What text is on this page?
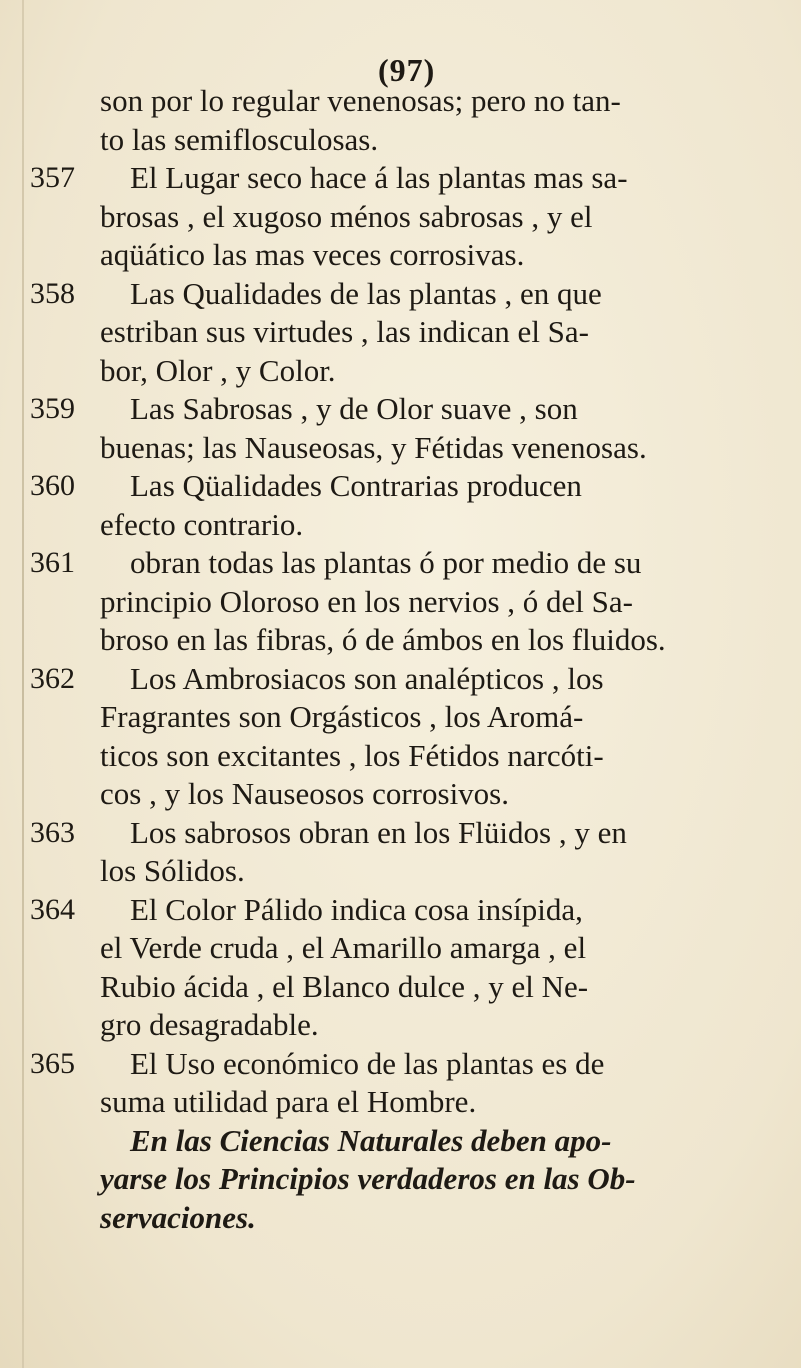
(97)
son por lo regular venenosas; pero no tan-
to las semiflosculosas.
357 El Lugar seco hace á las plantas mas sa-
brosas , el xugoso ménos sabrosas , y el
aqüático las mas veces corrosivas.
358 Las Qualidades de las plantas , en que
estriban sus virtudes , las indican el Sa-
bor, Olor , y Color.
359 Las Sabrosas , y de Olor suave , son
buenas; las Nauseosas, y Fétidas venenosas.
360 Las Qüalidades Contrarias producen
efecto contrario.
361 obran todas las plantas ó por medio de su
principio Oloroso en los nervios , ó del Sa-
broso en las fibras, ó de ámbos en los fluidos.
362 Los Ambrosiacos son analépticos , los
Fragrantes son Orgásticos , los Aromá-
ticos son excitantes , los Fétidos narcóti-
cos , y los Nauseosos corrosivos.
363 Los sabrosos obran en los Flüidos , y en
los Sólidos.
364 El Color Pálido indica cosa insípida,
el Verde cruda , el Amarillo amarga , el
Rubio ácida , el Blanco dulce , y el Ne-
gro desagradable.
365 El Uso económico de las plantas es de
suma utilidad para el Hombre.
En las Ciencias Naturales deben apo-
yarse los Principios verdaderos en las Ob-
servaciones.
